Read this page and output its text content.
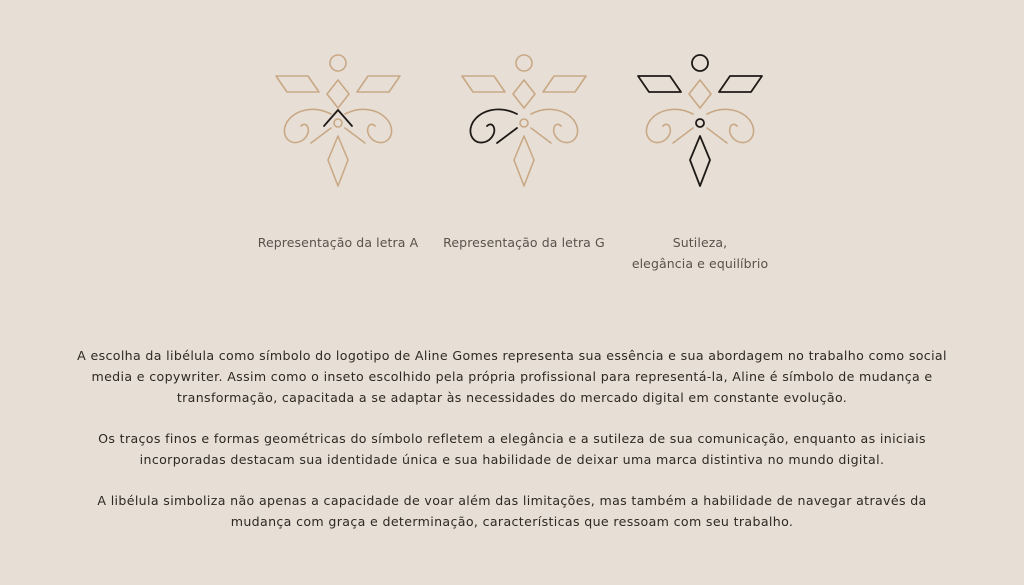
Representação da letra A	Representação da letra G	Sutileza,
elegância e equilíbrio
A escolha da libélula como símbolo do logotipo de Aline Gomes representa sua essência e sua abordagem no trabalho como social
media e copywriter. Assim como o inseto escolhido pela própria profissional para representá-la, Aline é símbolo de mudança e
transformação, capacitada a se adaptar às necessidades do mercado digital em constante evolução.
Os traços finos e formas geométricas do símbolo refletem a elegância e a sutileza de sua comunicação, enquanto as iniciais
incorporadas destacam sua identidade única e sua habilidade de deixar uma marca distintiva no mundo digital.
A libélula simboliza não apenas a capacidade de voar além das limitações, mas também a habilidade de navegar através da
mudança com graça e determinação, características que ressoam com seu trabalho.
